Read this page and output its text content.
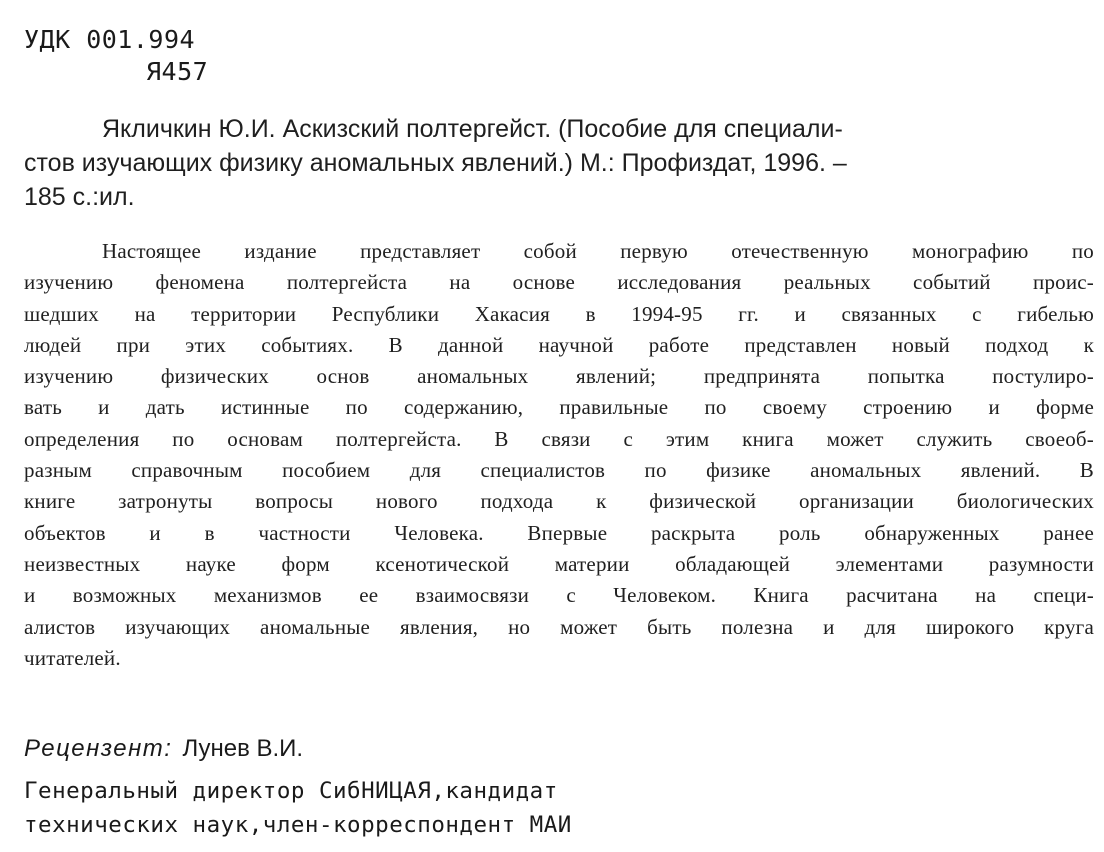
УДК 001.994
Я457
Якличкин Ю.И. Аскизский полтергейст. (Пособие для специали-
стов изучающих физику аномальных явлений.) М.: Профиздат, 1996. –
185 с.:ил.
Настоящее издание представляет собой первую отечественную монографию по
изучению феномена полтергейста на основе исследования реальных событий проис-
шедших на территории Республики Хакасия в 1994-95 гг. и связанных с гибелью
людей при этих событиях. В данной научной работе представлен новый подход к
изучению физических основ аномальных явлений; предпринята попытка постулиро-
вать и дать истинные по содержанию, правильные по своему строению и форме
определения по основам полтергейста. В связи с этим книга может служить своеоб-
разным справочным пособием для специалистов по физике аномальных явлений. В
книге затронуты вопросы нового подхода к физической организации биологических
объектов и в частности Человека. Впервые раскрыта роль обнаруженных ранее
неизвестных науке форм ксенотической материи обладающей элементами разумности
и возможных механизмов ее взаимосвязи с Человеком. Книга расчитана на специ-
алистов изучающих аномальные явления, но может быть полезна и для широкого круга
читателей.
Рецензент: Лунев В.И.
Генеральный директор СибНИЦАЯ,кандидат
технических наук,член-корреспондент МАИ
